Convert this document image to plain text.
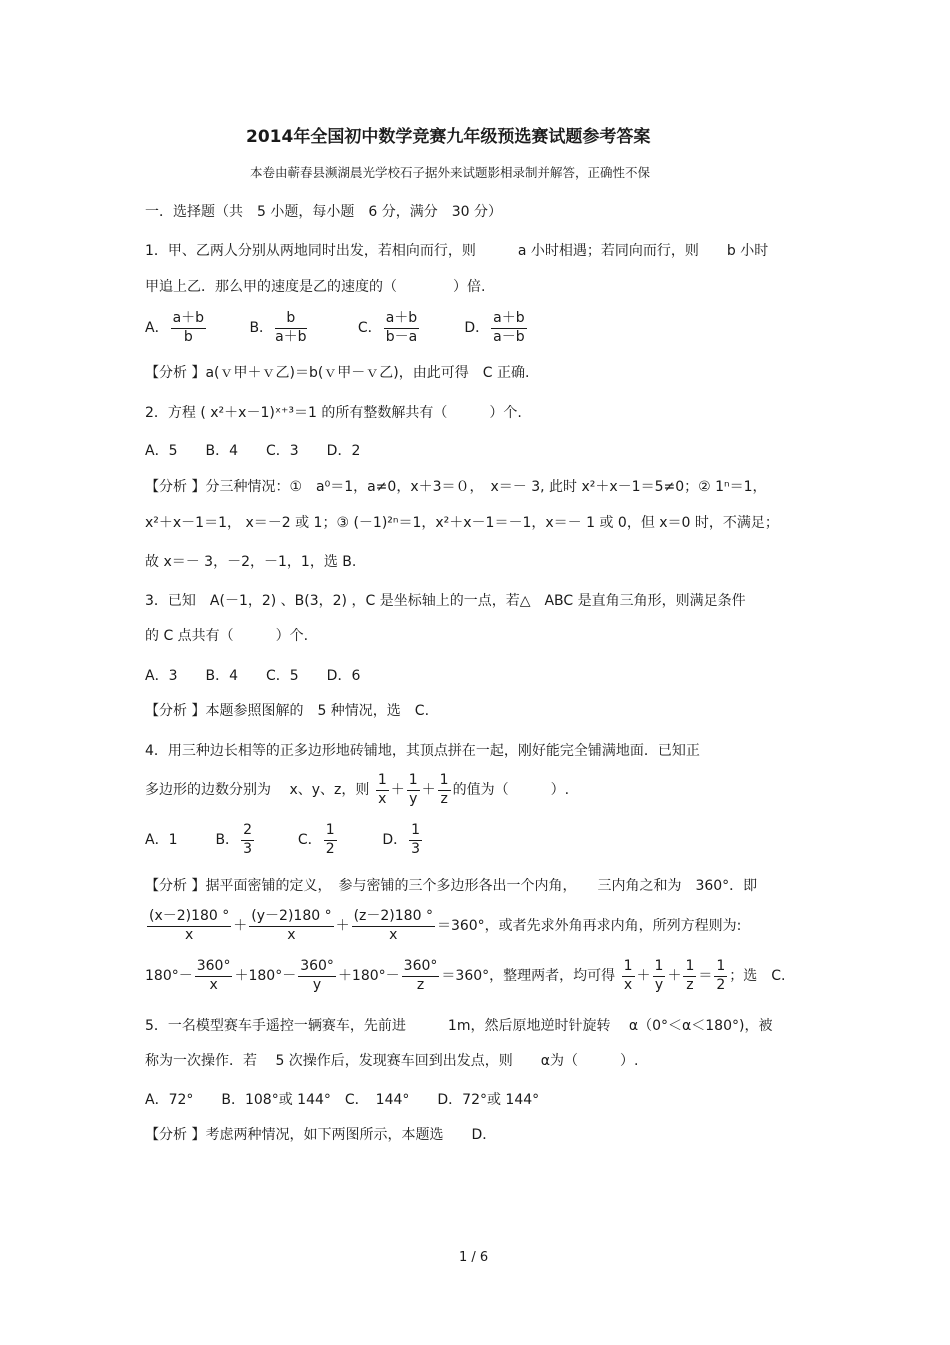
2014年全国初中数学竞赛九年级预选赛试题参考答案
本卷由蕲春县濒湖晨光学校石子据外来试题影相录制并解答，正确性不保
一．选择题（共　5 小题，每小题　6 分，满分　30 分）
1．甲、乙两人分别从两地同时出发，若相向而行，则　　　a 小时相遇；若同向而行，则　　b 小时
甲追上乙．那么甲的速度是乙的速度的（　　　　）倍.
A． $\frac{a+b}{b}$	B． $\frac{b}{a+b}$	C． $\frac{a+b}{b-a}$	D． $\frac{a+b}{a-b}$
【分析 】a(ｖ甲＋ｖ乙)＝b(ｖ甲－ｖ乙)，由此可得　C 正确.
2．方程 ( x²＋x－1)ˣ⁺³＝1 的所有整数解共有（　　　）个.
A．5　　B．4　　C．3　　D．2
【分析 】分三种情况：①　a⁰＝1，a≠0，x＋3＝０，　x＝－ 3, 此时 x²＋x－1＝5≠0；② 1ⁿ＝1，
x²＋x－1＝1， x＝－2 或 1；③ (－1)²ⁿ＝1，x²＋x－1＝－1，x＝－ 1 或 0，但 x＝0 时，不满足；
故 x＝－ 3，－2，－1，1，选 B.
3．已知　A(－1，2) 、B(3，2) ，C 是坐标轴上的一点，若△　ABC 是直角三角形，则满足条件
的 C 点共有（　　　）个.
A．3　　B．4　　C．5　　D．6
【分析 】本题参照图解的　5 种情况，选　C.
4．用三种边长相等的正多边形地砖铺地，其顶点拼在一起，刚好能完全铺满地面．已知正
多边形的边数分别为　 x、y、z，则 $\frac{1}{x} + \frac{1}{y} + \frac{1}{z}$ 的值为（　　　）.
A．1	B． $\frac{2}{3}$	C． $\frac{1}{2}$	D． $\frac{1}{3}$
【分析 】据平面密铺的定义，　参与密铺的三个多边形各出一个内角，　　三内角之和为　360°．即
$\frac{(x-2)180 ^\circ}{x} + \frac{(y-2)180 ^\circ}{x} + \frac{(z-2)180 ^\circ}{x} =360^\circ$，或者先求外角再求内角，所列方程则为:
$180^\circ- \frac{360^\circ}{x} +180^\circ- \frac{360^\circ}{y} +180^\circ- \frac{360^\circ}{z} =360^\circ$，整理两者，均可得 $\frac{1}{x} + \frac{1}{y} + \frac{1}{z} = \frac{1}{2}$ ；选　C.
5．一名模型赛车手遥控一辆赛车，先前进　　　1m，然后原地逆时针旋转　 α（0°＜α＜180°)，被
称为一次操作．若　 5 次操作后，发现赛车回到出发点，则　　α为（　　　）.
A．72°　　B．108°或 144°　C．　144°　　D．72°或 144°
【分析 】考虑两种情况，如下两图所示，本题选　　D．
1 / 6
